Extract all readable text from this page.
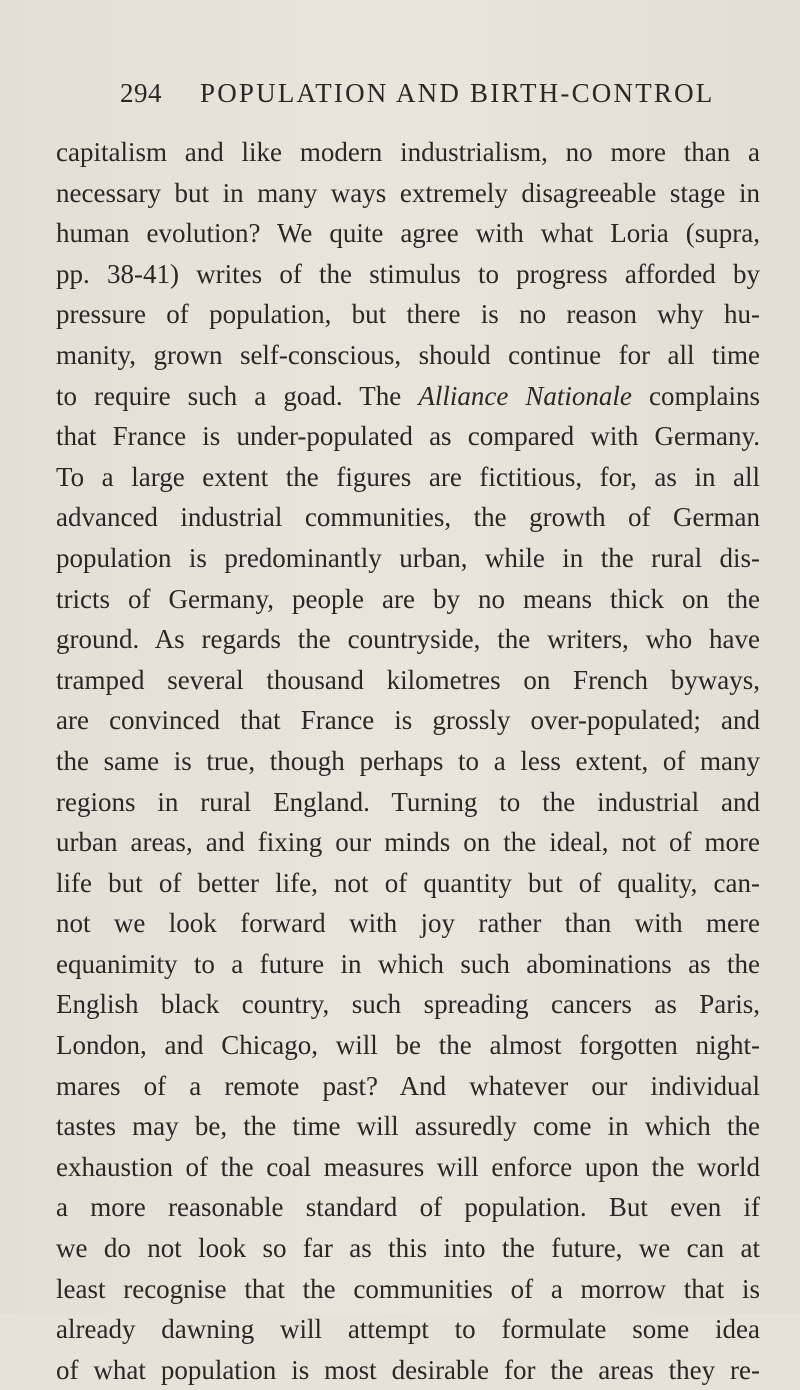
294 POPULATION AND BIRTH-CONTROL
capitalism and like modern industrialism, no more than a
necessary but in many ways extremely disagreeable stage in
human evolution? We quite agree with what Loria (supra,
pp. 38-41) writes of the stimulus to progress afforded by
pressure of population, but there is no reason why hu-
manity, grown self-conscious, should continue for all time
to require such a goad. The Alliance Nationale complains
that France is under-populated as compared with Germany.
To a large extent the figures are fictitious, for, as in all
advanced industrial communities, the growth of German
population is predominantly urban, while in the rural dis-
tricts of Germany, people are by no means thick on the
ground. As regards the countryside, the writers, who have
tramped several thousand kilometres on French byways,
are convinced that France is grossly over-populated; and
the same is true, though perhaps to a less extent, of many
regions in rural England. Turning to the industrial and
urban areas, and fixing our minds on the ideal, not of more
life but of better life, not of quantity but of quality, can-
not we look forward with joy rather than with mere
equanimity to a future in which such abominations as the
English black country, such spreading cancers as Paris,
London, and Chicago, will be the almost forgotten night-
mares of a remote past? And whatever our individual
tastes may be, the time will assuredly come in which the
exhaustion of the coal measures will enforce upon the world
a more reasonable standard of population. But even if
we do not look so far as this into the future, we can at
least recognise that the communities of a morrow that is
already dawning will attempt to formulate some idea
of what population is most desirable for the areas they re-
